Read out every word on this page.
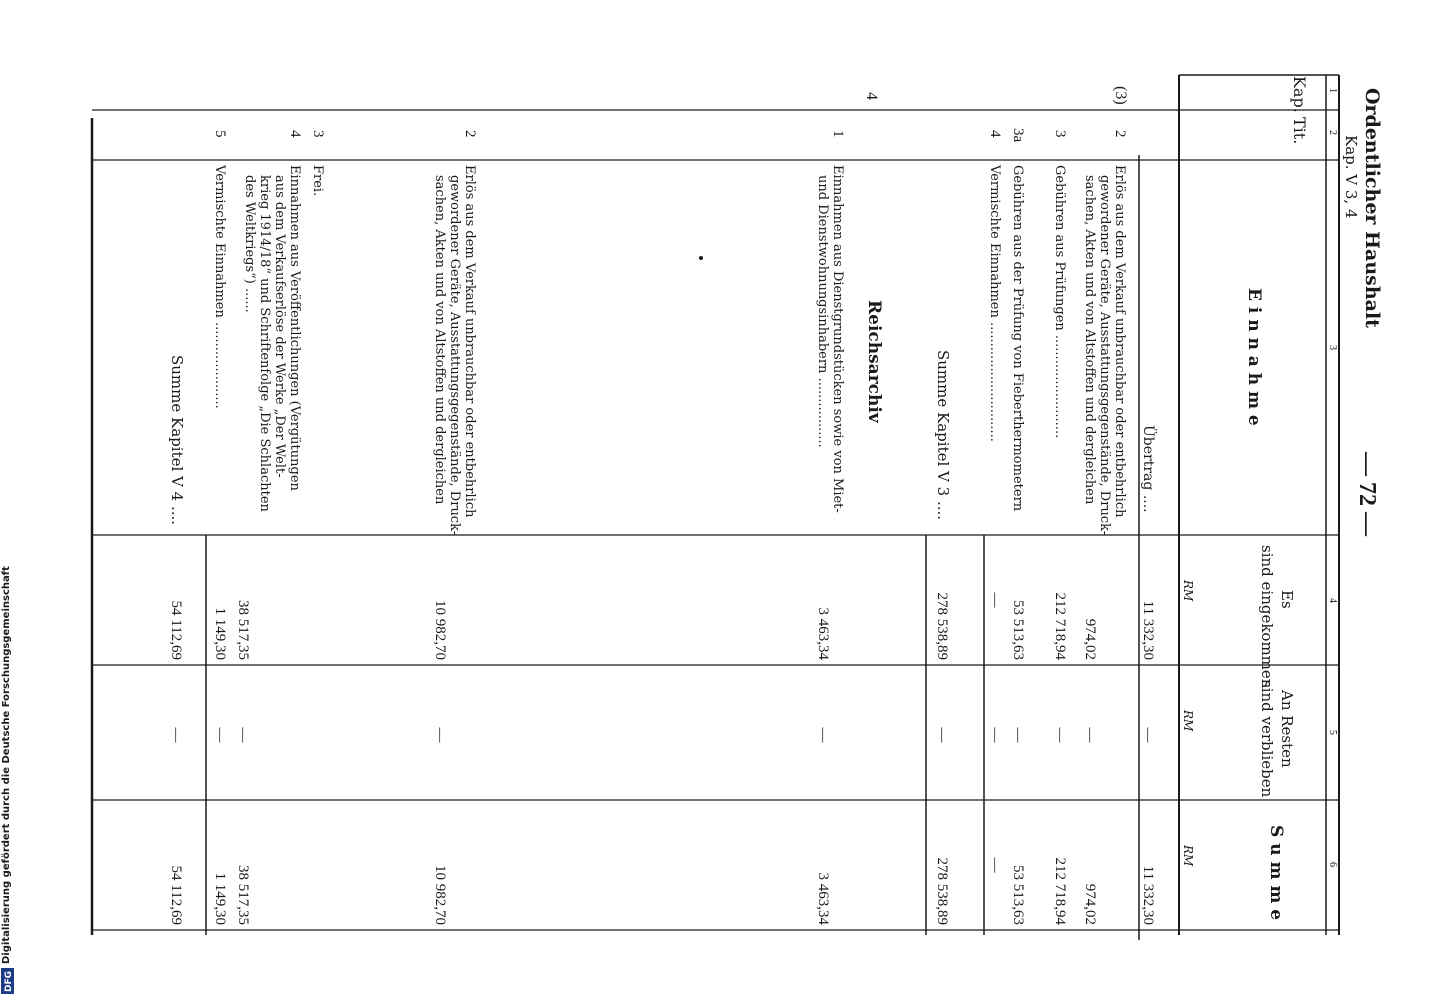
Ordentlicher Haushalt
Kap. V 3, 4
— 72 —
1
2
3
4
5
6
Kap.
Tit.
E i n n a h m e
Es
sind eingekommen
An Resten
sind verblieben
S u m m e
RM
RM
RM
(3)
Übertrag ....
11 332,30
—
11 332,30
2
Erlös aus dem Verkauf unbrauchbar oder entbehrlich
gewordener Geräte, Ausstattungsgegenstände, Druck-
sachen, Akten und von Altstoffen und dergleichen
974,02
—
974,02
3
Gebühren aus Prüfungen .........................
212 718,94
—
212 718,94
3a
Gebühren aus der Prüfung von Fieberthermometern
53 513,63
—
53 513,63
4
Vermischte Einnahmen .............................
—
—
—
Summe Kapitel V 3 ....
278 538,89
—
278 538,89
4
Reichsarchiv
1
Einnahmen aus Dienstgrundstücken sowie von Miet-
und Dienstwohnungsinhabern .................
3 463,34
—
3 463,34
2
Erlös aus dem Verkauf unbrauchbar oder entbehrlich
gewordener Geräte, Ausstattungsgegenstände, Druck-
sachen, Akten und von Altstoffen und dergleichen
10 982,70
—
10 982,70
3
Frei.
4
Einnahmen aus Veröffentlichungen (Vergütungen
aus dem Verkaufserlöse der Werke „Der Welt-
krieg 1914/18“ und Schriftenfolge „Die Schlachten
des Weltkriegs“) ......
38 517,35
—
38 517,35
5
Vermischte Einnahmen .....................
1 149,30
—
1 149,30
Summe Kapitel V 4 ....
54 112,69
—
54 112,69
Digitalisierung gefördert durch die Deutsche Forschungsgemeinschaft
DFG
